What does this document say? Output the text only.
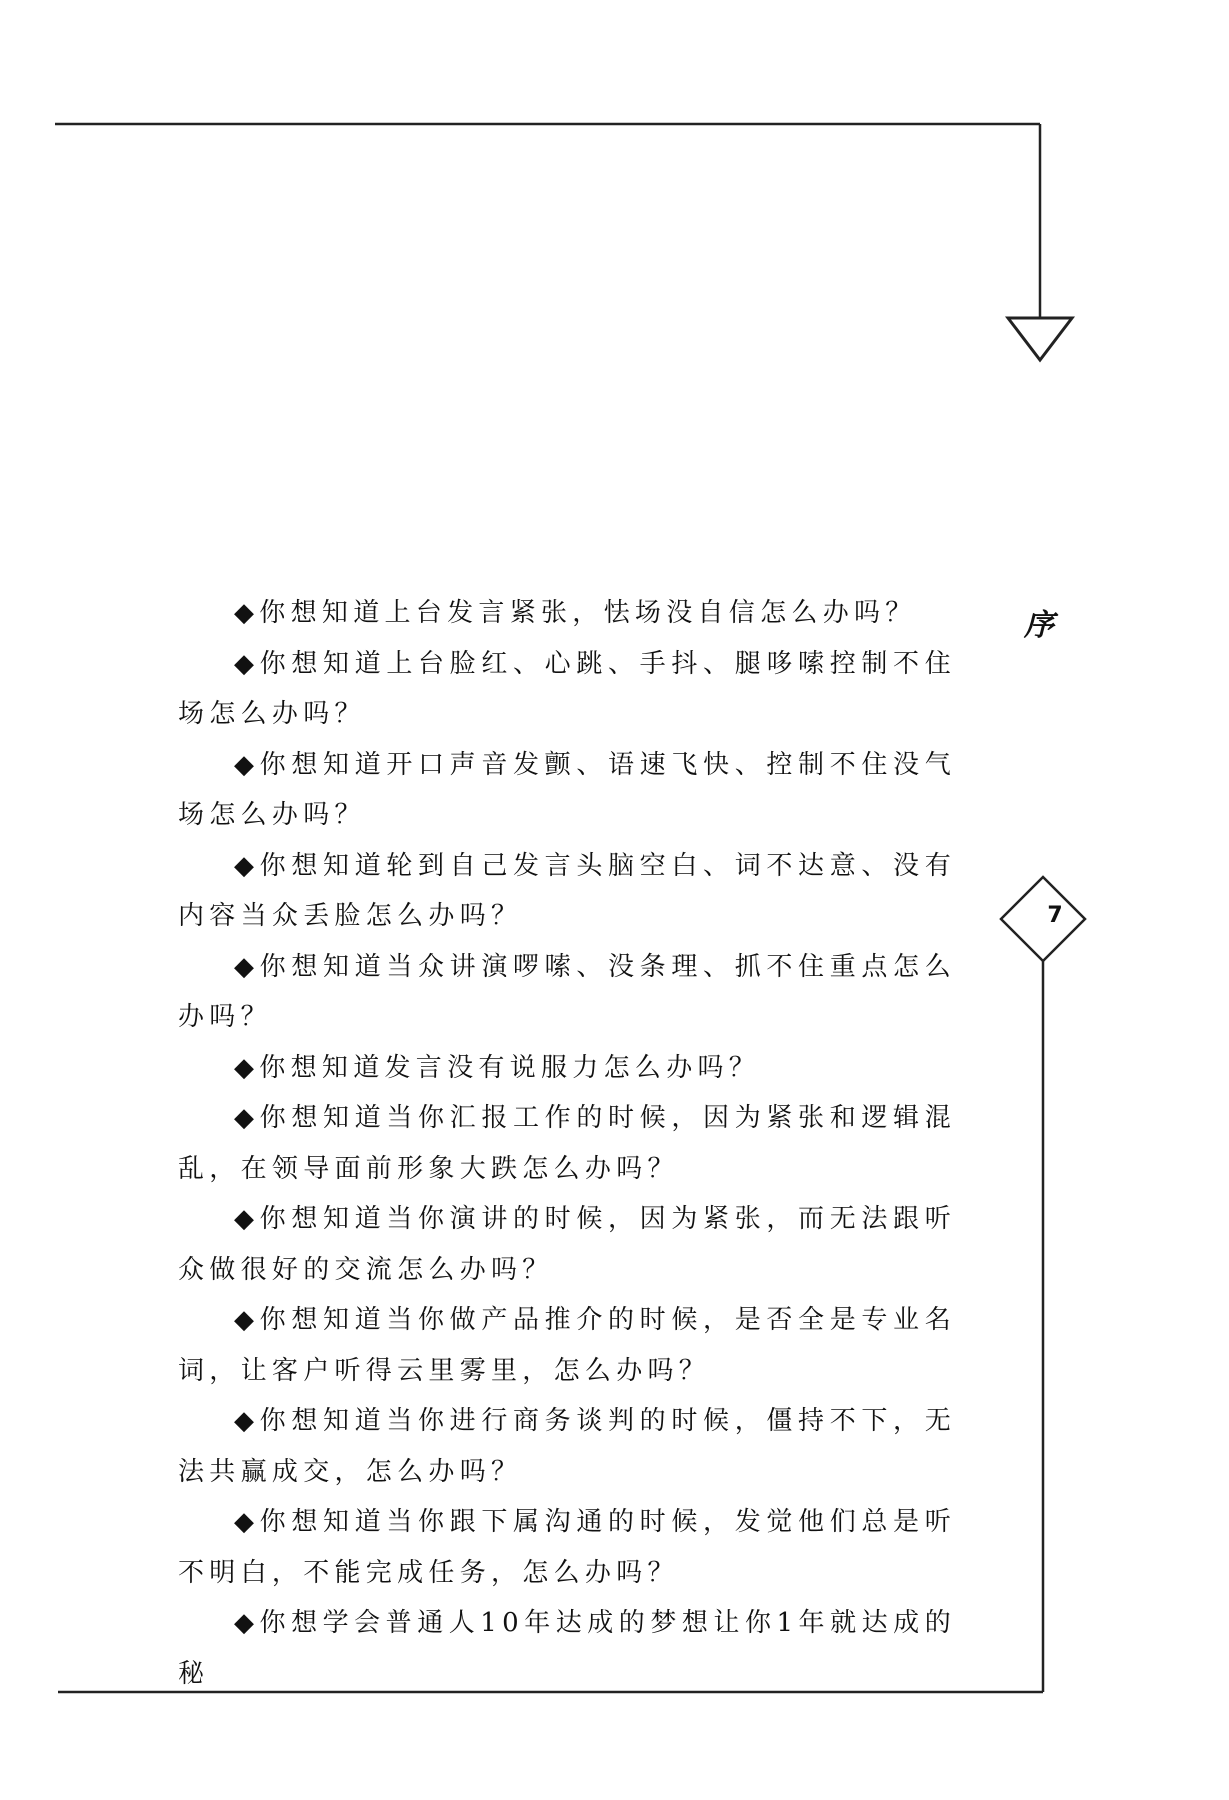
序
7

◆你想知道上台发言紧张，怯场没自信怎么办吗？

◆你想知道上台脸红、心跳、手抖、腿哆嗦控制不住场怎么办吗？

◆你想知道开口声音发颤、语速飞快、控制不住没气场怎么办吗？

◆你想知道轮到自己发言头脑空白、词不达意、没有内容当众丢脸怎么办吗？

◆你想知道当众讲演啰嗦、没条理、抓不住重点怎么办吗？

◆你想知道发言没有说服力怎么办吗？

◆你想知道当你汇报工作的时候，因为紧张和逻辑混乱，在领导面前形象大跌怎么办吗？

◆你想知道当你演讲的时候，因为紧张，而无法跟听众做很好的交流怎么办吗？

◆你想知道当你做产品推介的时候，是否全是专业名词，让客户听得云里雾里，怎么办吗？

◆你想知道当你进行商务谈判的时候，僵持不下，无法共赢成交，怎么办吗？

◆你想知道当你跟下属沟通的时候，发觉他们总是听不明白，不能完成任务，怎么办吗？

◆你想学会普通人10年达成的梦想让你1年就达成的秘
